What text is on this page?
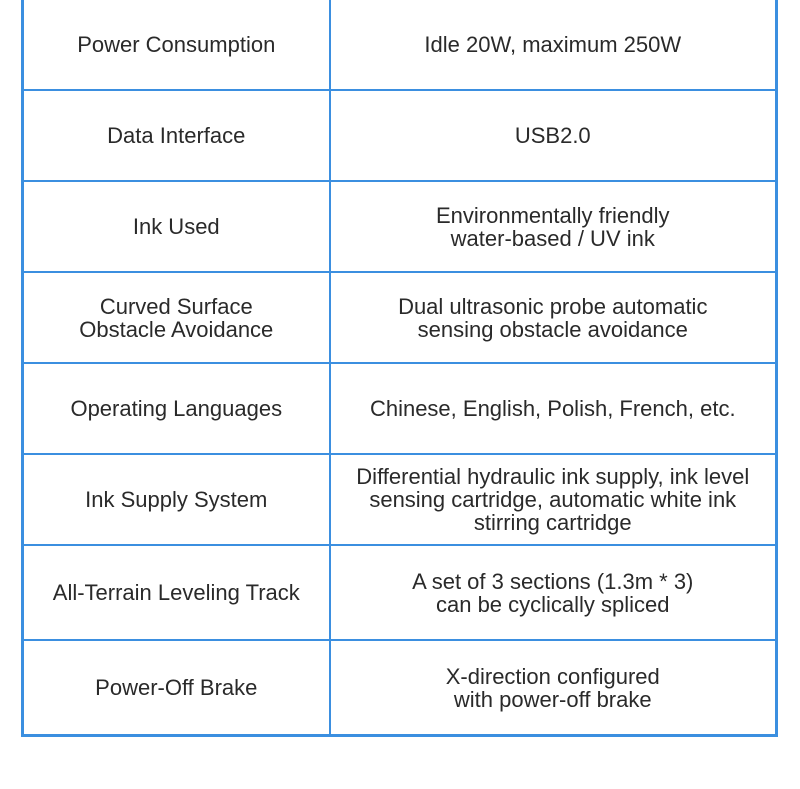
Power Consumption	Idle 20W, maximum 250W
Data Interface	USB2.0
Ink Used	Environmentally friendly
water-based / UV ink
Curved Surface
Obstacle Avoidance	Dual ultrasonic probe automatic
sensing obstacle avoidance
Operating Languages	Chinese, English, Polish, French, etc.
Ink Supply System	Differential hydraulic ink supply, ink level
sensing cartridge, automatic white ink
stirring cartridge
All-Terrain Leveling Track	A set of 3 sections (1.3m * 3)
can be cyclically spliced
Power-Off Brake	X-direction configured
with power-off brake
